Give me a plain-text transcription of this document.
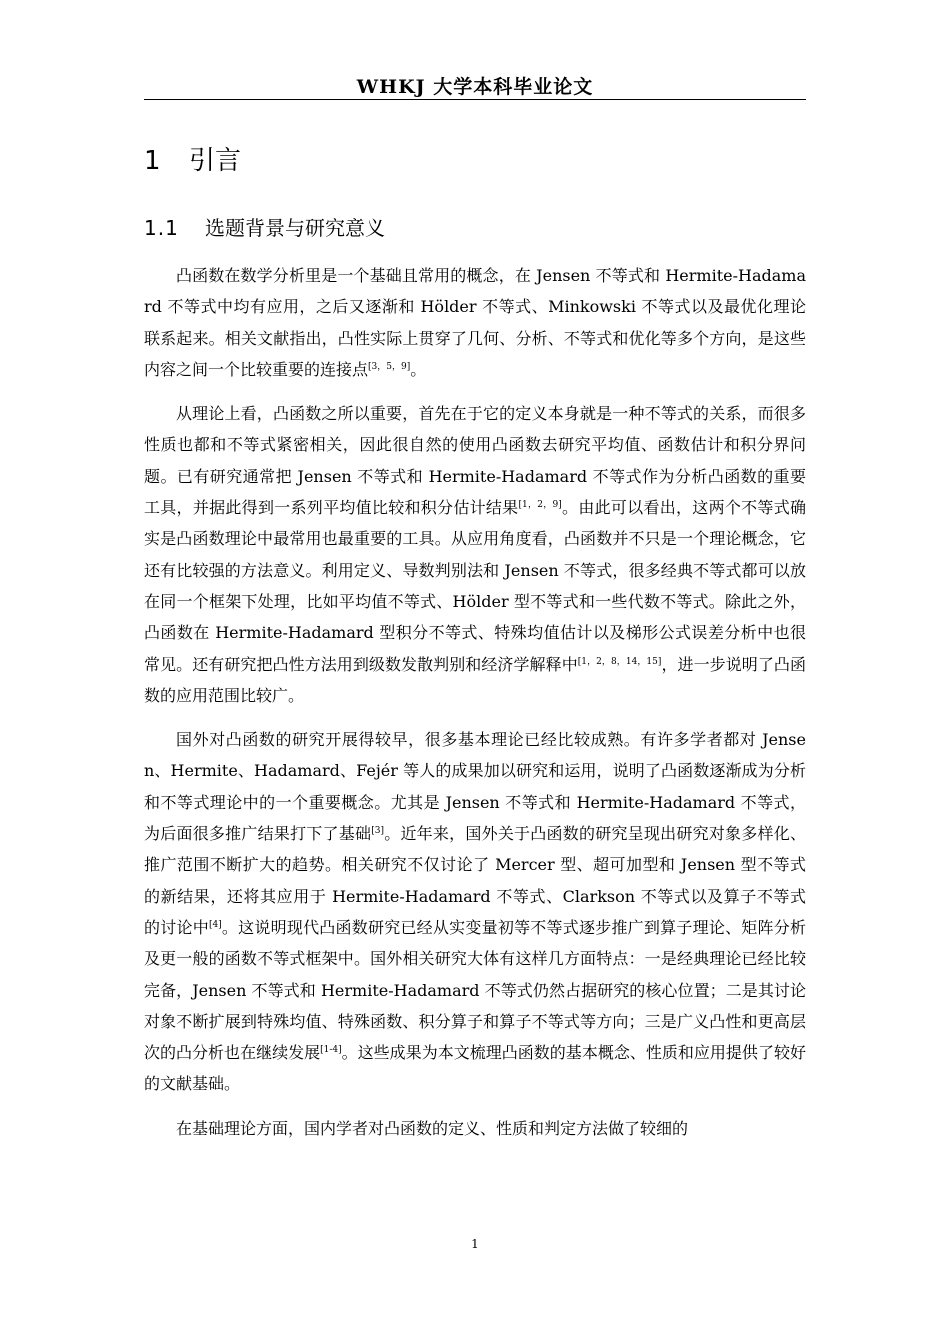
WHKJ 大学本科毕业论文
1 引言
1.1 选题背景与研究意义

凸函数在数学分析里是一个基础且常用的概念，在 Jensen 不等式和 Hermite-Hadamard 不等式中均有应用，之后又逐渐和 Hölder 不等式、Minkowski 不等式以及最优化理论联系起来。相关文献指出，凸性实际上贯穿了几何、分析、不等式和优化等多个方向，是这些内容之间一个比较重要的连接点[3，5，9]。

从理论上看，凸函数之所以重要，首先在于它的定义本身就是一种不等式的关系，而很多性质也都和不等式紧密相关，因此很自然的使用凸函数去研究平均值、函数估计和积分界问题。已有研究通常把 Jensen 不等式和 Hermite-Hadamard 不等式作为分析凸函数的重要工具，并据此得到一系列平均值比较和积分估计结果[1，2，9]。由此可以看出，这两个不等式确实是凸函数理论中最常用也最重要的工具。从应用角度看，凸函数并不只是一个理论概念，它还有比较强的方法意义。利用定义、导数判别法和 Jensen 不等式，很多经典不等式都可以放在同一个框架下处理，比如平均值不等式、Hölder 型不等式和一些代数不等式。除此之外，凸函数在 Hermite-Hadamard 型积分不等式、特殊均值估计以及梯形公式误差分析中也很常见。还有研究把凸性方法用到级数发散判别和经济学解释中[1，2，8，14，15]，进一步说明了凸函数的应用范围比较广。

国外对凸函数的研究开展得较早，很多基本理论已经比较成熟。有许多学者都对 Jensen、Hermite、Hadamard、Fejér 等人的成果加以研究和运用，说明了凸函数逐渐成为分析和不等式理论中的一个重要概念。尤其是 Jensen 不等式和 Hermite-Hadamard 不等式，为后面很多推广结果打下了基础[3]。近年来，国外关于凸函数的研究呈现出研究对象多样化、推广范围不断扩大的趋势。相关研究不仅讨论了 Mercer 型、超可加型和 Jensen 型不等式的新结果，还将其应用于 Hermite-Hadamard 不等式、Clarkson 不等式以及算子不等式的讨论中[4]。这说明现代凸函数研究已经从实变量初等不等式逐步推广到算子理论、矩阵分析及更一般的函数不等式框架中。国外相关研究大体有这样几方面特点：一是经典理论已经比较完备，Jensen 不等式和 Hermite-Hadamard 不等式仍然占据研究的核心位置；二是其讨论对象不断扩展到特殊均值、特殊函数、积分算子和算子不等式等方向；三是广义凸性和更高层次的凸分析也在继续发展[1-4]。这些成果为本文梳理凸函数的基本概念、性质和应用提供了较好的文献基础。

在基础理论方面，国内学者对凸函数的定义、性质和判定方法做了较细的

1
